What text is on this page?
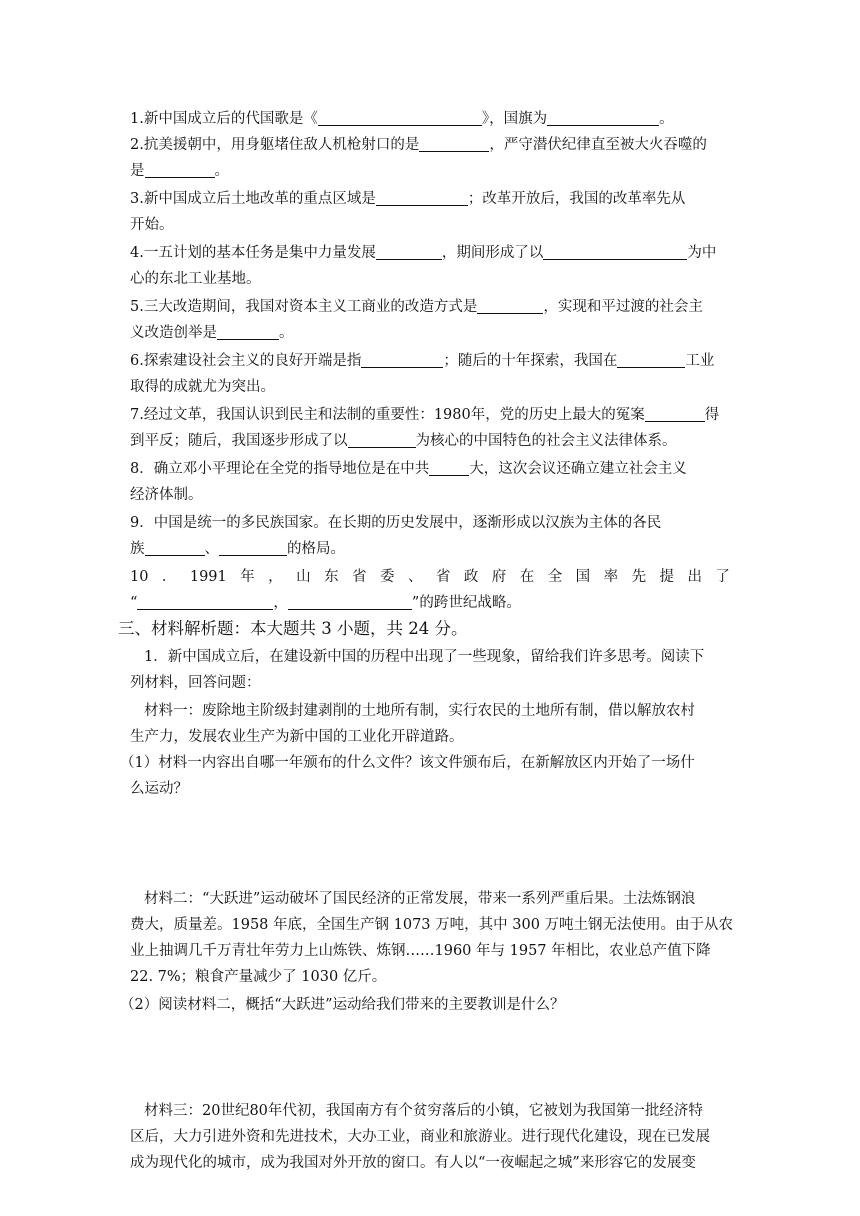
1.新中国成立后的代国歌是《	》，国旗为	。
2.抗美援朝中，用身躯堵住敌人机枪射口的是	，严守潜伏纪律直至被大火吞噬的
是	。
3.新中国成立后土地改革的重点区域是	；改革开放后，我国的改革率先从
开始。
4.一五计划的基本任务是集中力量发展	，期间形成了以	为中
心的东北工业基地。
5.三大改造期间，我国对资本主义工商业的改造方式是	，实现和平过渡的社会主
义改造创举是	。
6.探索建设社会主义的良好开端是指	；随后的十年探索，我国在	工业
取得的成就尤为突出。
7.经过文革，我国认识到民主和法制的重要性：1980年，党的历史上最大的冤案	得
到平反；随后，我国逐步形成了以	为核心的中国特色的社会主义法律体系。
8．确立邓小平理论在全党的指导地位是在中共	大，这次会议还确立建立社会主义
经济体制。
9．中国是统一的多民族国家。在长期的历史发展中，逐渐形成以汉族为主体的各民
族	、	的格局。
10 ． 1991 年 ， 山 东 省 委 、 省 政 府 在 全 国 率 先 提 出 了
“	，	”的跨世纪战略。
三、材料解析题：本大题共 3 小题，共 24 分。
1．新中国成立后，在建设新中国的历程中出现了一些现象，留给我们许多思考。阅读下
列材料，回答问题：
材料一：废除地主阶级封建剥削的土地所有制，实行农民的土地所有制，借以解放农村
生产力，发展农业生产为新中国的工业化开辟道路。
（1）材料一内容出自哪一年颁布的什么文件？该文件颁布后，在新解放区内开始了一场什
么运动？
材料二：“大跃进”运动破坏了国民经济的正常发展，带来一系列严重后果。土法炼钢浪
费大，质量差。1958 年底，全国生产钢 1073 万吨，其中 300 万吨土钢无法使用。由于从农
业上抽调几千万青壮年劳力上山炼铁、炼钢……1960 年与 1957 年相比，农业总产值下降
22. 7%；粮食产量减少了 1030 亿斤。
（2）阅读材料二，概括“大跃进”运动给我们带来的主要教训是什么？
材料三：20世纪80年代初，我国南方有个贫穷落后的小镇，它被划为我国第一批经济特
区后，大力引进外资和先进技术，大办工业，商业和旅游业。进行现代化建设，现在已发展
成为现代化的城市，成为我国对外开放的窗口。有人以“一夜崛起之城”来形容它的发展变
